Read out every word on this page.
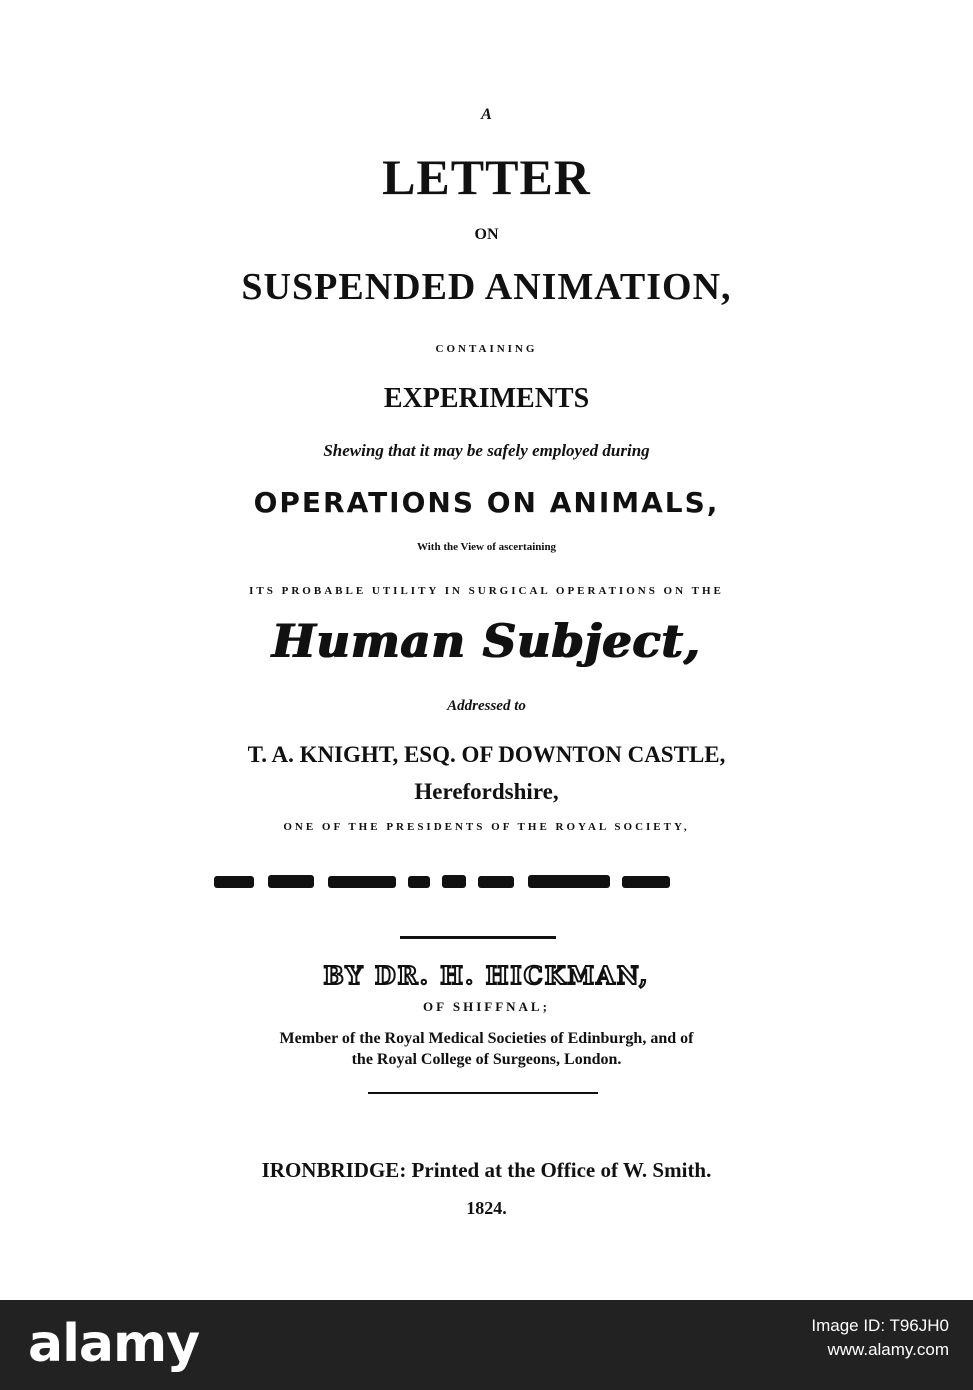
A
LETTER
ON
SUSPENDED ANIMATION,
CONTAINING
EXPERIMENTS
Shewing that it may be safely employed during
OPERATIONS ON ANIMALS,
With the View of ascertaining
ITS PROBABLE UTILITY IN SURGICAL OPERATIONS ON THE
Human Subject,
Addressed to
T. A. KNIGHT, ESQ. OF DOWNTON CASTLE,
Herefordshire,
ONE OF THE PRESIDENTS OF THE ROYAL SOCIETY,
BY DR. H. HICKMAN,
OF SHIFFNAL;
Member of the Royal Medical Societies of Edinburgh, and of
the Royal College of Surgeons, London.
IRONBRIDGE: Printed at the Office of W. Smith.
1824.
alamy	Image ID: T96JH0
www.alamy.com
